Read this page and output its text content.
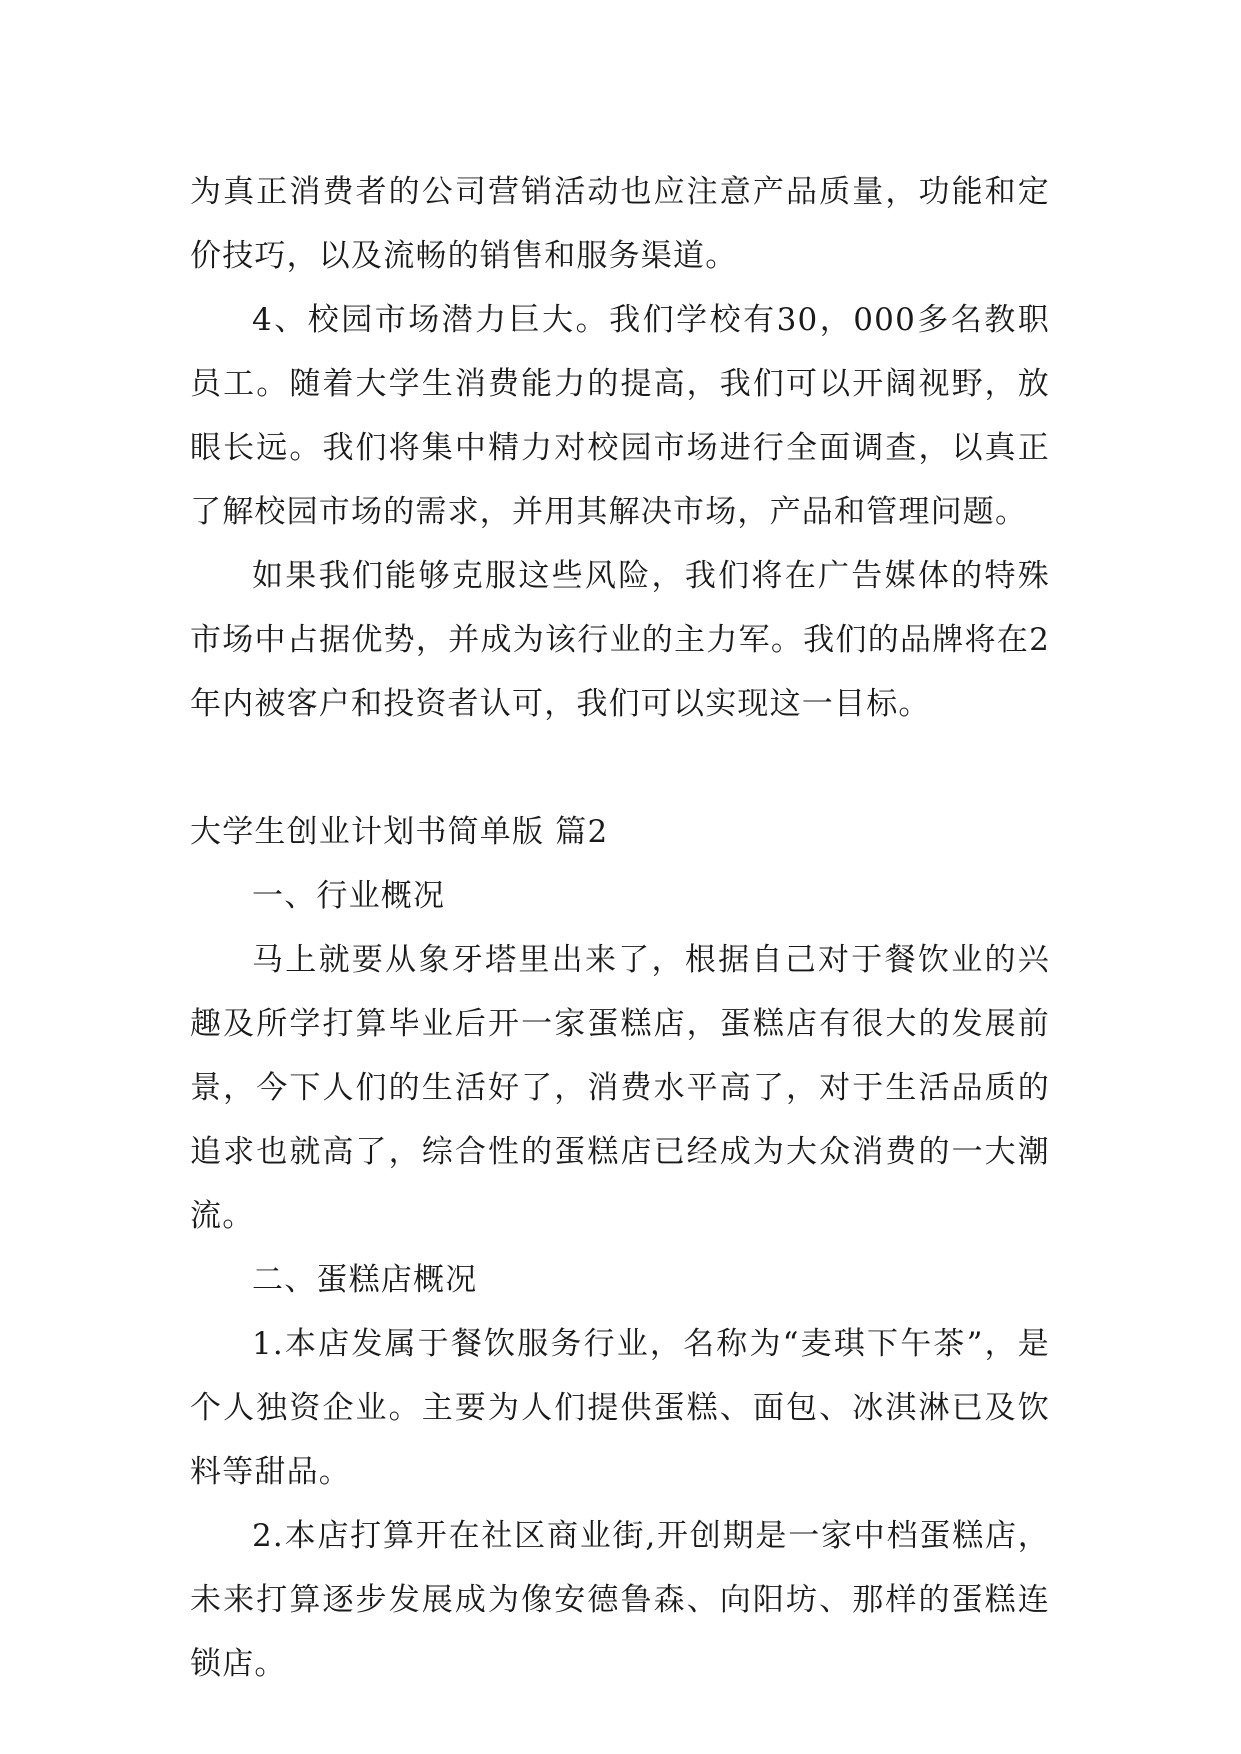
为真正消费者的公司营销活动也应注意产品质量，功能和定价技巧，以及流畅的销售和服务渠道。

4、校园市场潜力巨大。我们学校有30，000多名教职员工。随着大学生消费能力的提高，我们可以开阔视野，放眼长远。我们将集中精力对校园市场进行全面调查，以真正了解校园市场的需求，并用其解决市场，产品和管理问题。

如果我们能够克服这些风险，我们将在广告媒体的特殊市场中占据优势，并成为该行业的主力军。我们的品牌将在2年内被客户和投资者认可，我们可以实现这一目标。

大学生创业计划书简单版 篇2

一、行业概况

马上就要从象牙塔里出来了，根据自己对于餐饮业的兴趣及所学打算毕业后开一家蛋糕店，蛋糕店有很大的发展前景，今下人们的生活好了，消费水平高了，对于生活品质的追求也就高了，综合性的蛋糕店已经成为大众消费的一大潮流。

二、蛋糕店概况

1.本店发属于餐饮服务行业，名称为“麦琪下午茶”，是个人独资企业。主要为人们提供蛋糕、面包、冰淇淋已及饮料等甜品。

2.本店打算开在社区商业街,开创期是一家中档蛋糕店，未来打算逐步发展成为像安德鲁森、向阳坊、那样的蛋糕连锁店。
